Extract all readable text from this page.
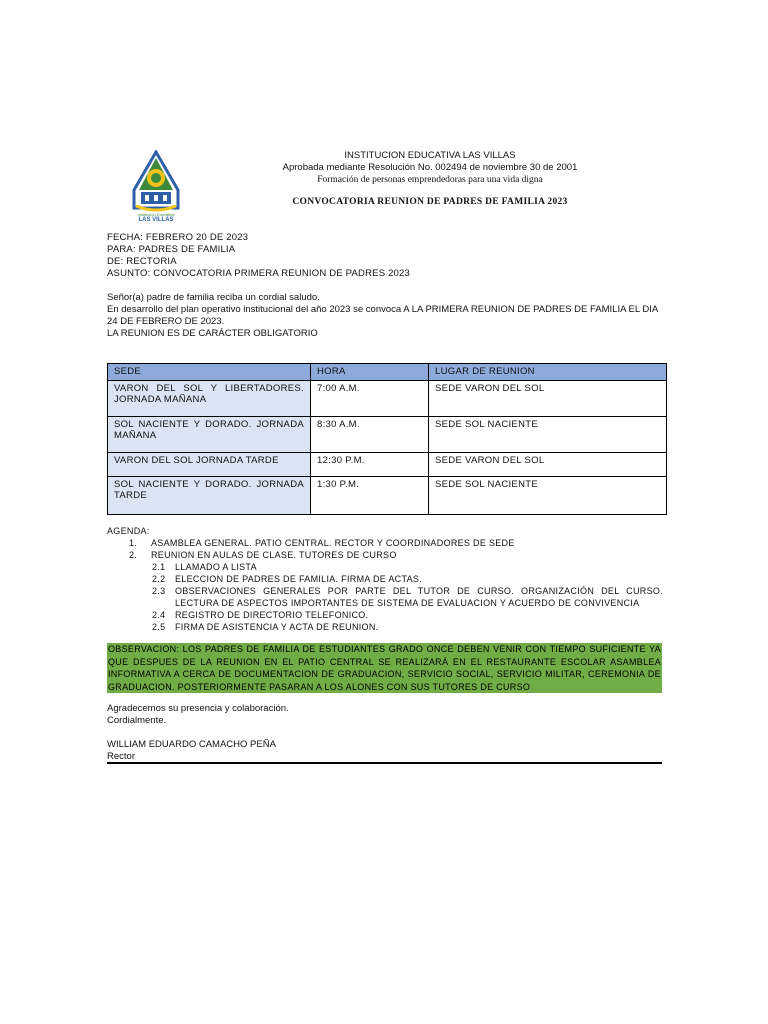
Institución Educativa
LAS VILLAS
INSTITUCION EDUCATIVA LAS VILLAS
Aprobada mediante Resolución No. 002494 de noviembre 30 de 2001
Formación de personas emprendedoras para una vida digna
CONVOCATORIA REUNION DE PADRES DE FAMILIA 2023
FECHA: FEBRERO 20 DE 2023
PARA: PADRES DE FAMILIA
DE: RECTORIA
ASUNTO: CONVOCATORIA PRIMERA REUNION DE PADRES 2023
Señor(a) padre de familia reciba un cordial saludo.
En desarrollo del plan operativo institucional del año 2023 se convoca A LA PRIMERA REUNION DE PADRES DE FAMILIA EL DIA
24 DE FEBRERO DE 2023.
LA REUNION ES DE CARÁCTER OBLIGATORIO
SEDE	HORA	LUGAR DE REUNION
VARON DEL SOL Y LIBERTADORES. JORNADA MAÑANA	7:00 A.M.	SEDE VARON DEL SOL
SOL NACIENTE Y DORADO. JORNADA MAÑANA	8:30 A.M.	SEDE SOL NACIENTE
VARON DEL SOL JORNADA TARDE	12:30 P.M.	SEDE VARON DEL SOL
SOL NACIENTE Y DORADO. JORNADA TARDE	1:30 P.M.	SEDE SOL NACIENTE
AGENDA:
1.	ASAMBLEA GENERAL. PATIO CENTRAL. RECTOR Y COORDINADORES DE SEDE
2.	REUNION EN AULAS DE CLASE. TUTORES DE CURSO
2.1	LLAMADO A LISTA
2.2	ELECCION DE PADRES DE FAMILIA. FIRMA DE ACTAS.
2.3	OBSERVACIONES GENERALES POR PARTE DEL TUTOR DE CURSO. ORGANIZACIÓN DEL CURSO. LECTURA DE ASPECTOS IMPORTANTES DE SISTEMA DE EVALUACION Y ACUERDO DE CONVIVENCIA
2.4	REGISTRO DE DIRECTORIO TELEFONICO.
2.5	FIRMA DE ASISTENCIA Y ACTA DE REUNION.
OBSERVACION: LOS PADRES DE FAMILIA DE ESTUDIANTES GRADO ONCE DEBEN VENIR CON TIEMPO SUFICIENTE YA QUE DESPUES DE LA REUNION EN EL PATIO CENTRAL SE REALIZARÁ EN EL RESTAURANTE ESCOLAR ASAMBLEA INFORMATIVA A CERCA DE DOCUMENTACION DE GRADUACION, SERVICIO SOCIAL, SERVICIO MILITAR, CEREMONIA DE GRADUACION. POSTERIORMENTE PASARAN A LOS ALONES CON SUS TUTORES DE CURSO
Agradecemos su presencia y colaboración.
Cordialmente.
WILLIAM EDUARDO CAMACHO PEÑA
Rector
